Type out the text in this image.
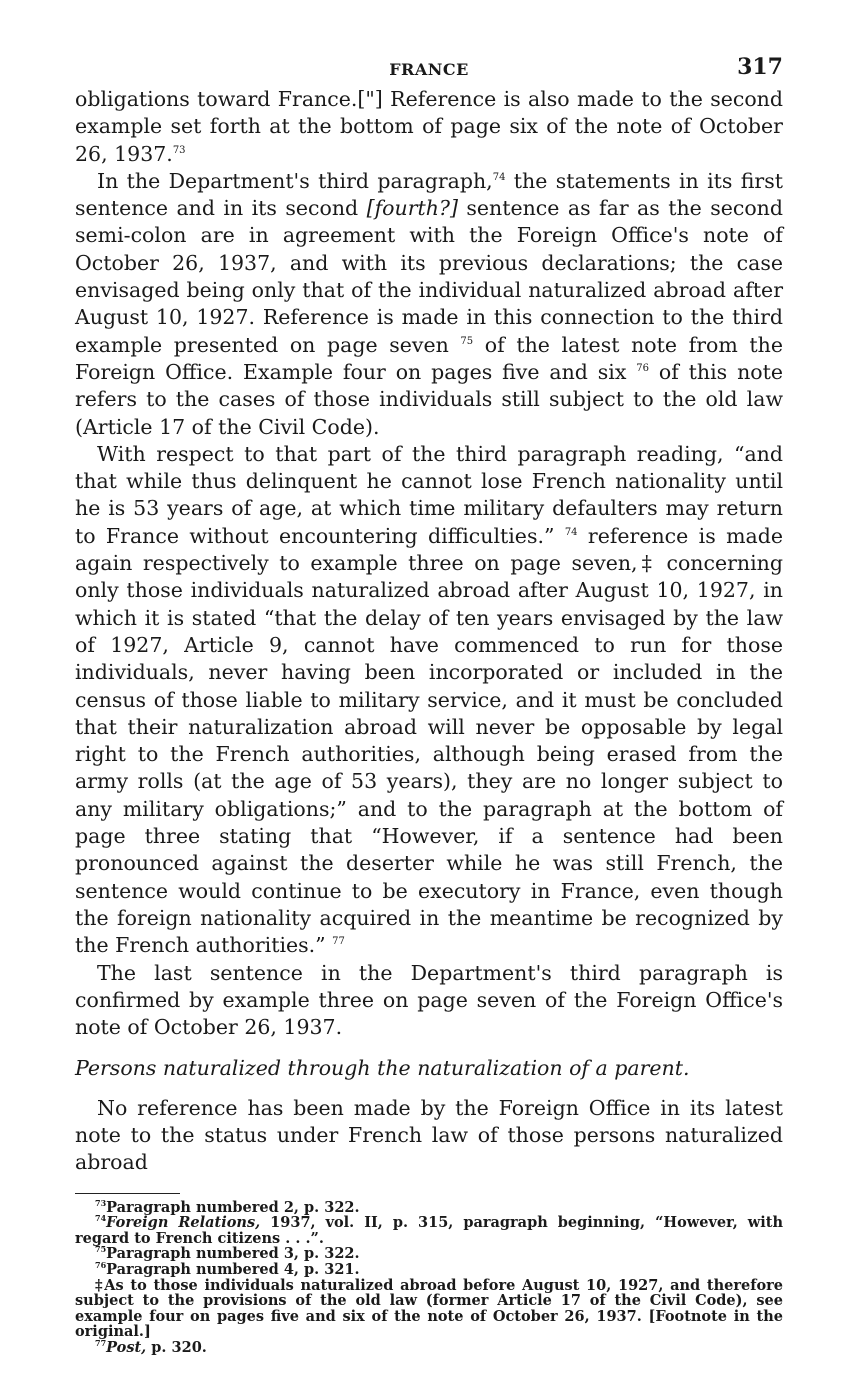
FRANCE	317

obligations toward France.["] Reference is also made to the second example set forth at the bottom of page six of the note of October 26, 1937.73

In the Department's third paragraph,$^{74}$ the statements in its first sentence and in its second [fourth?] sentence as far as the second semi-colon are in agreement with the Foreign Office's note of October 26, 1937, and with its previous declarations; the case envisaged being only that of the individual naturalized abroad after August 10, 1927. Reference is made in this connection to the third example presented on page seven $^{75}$ of the latest note from the Foreign Office. Example four on pages five and six $^{76}$ of this note refers to the cases of those individuals still subject to the old law (Article 17 of the Civil Code).

With respect to that part of the third paragraph reading, “and that while thus delinquent he cannot lose French nationality until he is 53 years of age, at which time military defaulters may return to France without encountering difficulties.” $^{74}$ reference is made again respectively to example three on page seven,‡ concerning only those individuals naturalized abroad after August 10, 1927, in which it is stated “that the delay of ten years envisaged by the law of 1927, Article 9, cannot have commenced to run for those individuals, never having been incorporated or included in the census of those liable to military service, and it must be concluded that their naturalization abroad will never be opposable by legal right to the French authorities, although being erased from the army rolls (at the age of 53 years), they are no longer subject to any military obligations;” and to the paragraph at the bottom of page three stating that “However, if a sentence had been pronounced against the deserter while he was still French, the sentence would continue to be executory in France, even though the foreign nationality acquired in the meantime be recognized by the French authorities.” $^{77}$

The last sentence in the Department's third paragraph is confirmed by example three on page seven of the Foreign Office's note of October 26, 1937.

Persons naturalized through the naturalization of a parent.

No reference has been made by the Foreign Office in its latest note to the status under French law of those persons naturalized abroad

$^{73}$Paragraph numbered 2, p. 322.

$^{74}$Foreign Relations, 1937, vol. II, p. 315, paragraph beginning, “However, with regard to French citizens . . .”.

$^{75}$Paragraph numbered 3, p. 322.

$^{76}$Paragraph numbered 4, p. 321.

‡As to those individuals naturalized abroad before August 10, 1927, and therefore subject to the provisions of the old law (former Article 17 of the Civil Code), see example four on pages five and six of the note of October 26, 1937. [Footnote in the original.]

$^{77}$Post, p. 320.
